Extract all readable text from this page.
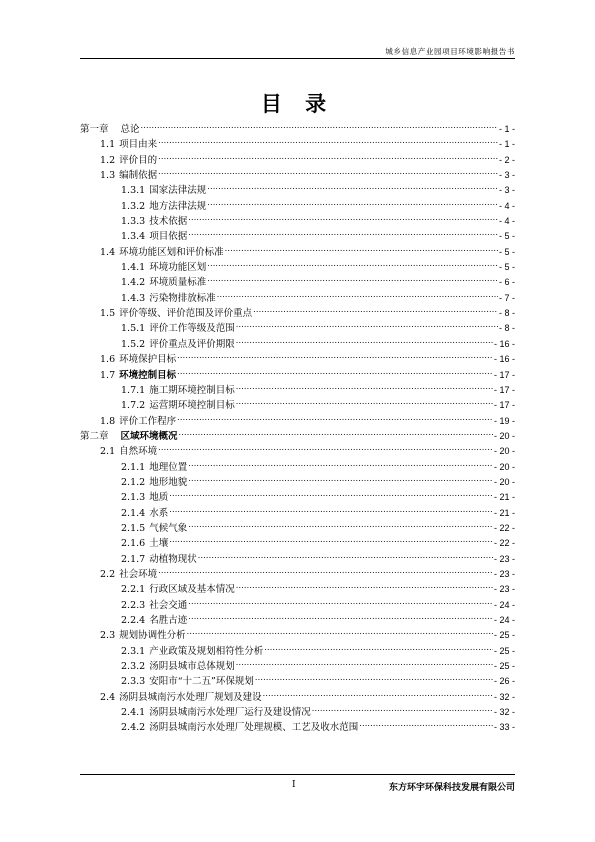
城乡信息产业园项目环境影响报告书
目 录
第一章 总论 .....	- 1 -
1.1 项目由来 .....	- 1 -
1.2 评价目的 .....	- 2 -
1.3 编制依据 .....	- 3 -
1.3.1 国家法律法规 .....	- 3 -
1.3.2 地方法律法规 .....	- 4 -
1.3.3 技术依据 .....	- 4 -
1.3.4 项目依据 .....	- 5 -
1.4 环境功能区划和评价标准 .....	- 5 -
1.4.1 环境功能区划 .....	- 5 -
1.4.2 环境质量标准 .....	- 6 -
1.4.3 污染物排放标准 .....	- 7 -
1.5 评价等级、评价范围及评价重点 .....	- 8 -
1.5.1 评价工作等级及范围 .....	- 8 -
1.5.2 评价重点及评价期限 .....	- 16 -
1.6 环境保护目标 .....	- 16 -
1.7 环境控制目标 .....	- 17 -
1.7.1 施工期环境控制目标 .....	- 17 -
1.7.2 运营期环境控制目标 .....	- 17 -
1.8 评价工作程序 .....	- 19 -
第二章 区域环境概况 .....	- 20 -
2.1 自然环境 .....	- 20 -
2.1.1 地理位置 .....	- 20 -
2.1.2 地形地貌 .....	- 20 -
2.1.3 地质 .....	- 21 -
2.1.4 水系 .....	- 21 -
2.1.5 气候气象 .....	- 22 -
2.1.6 土壤 .....	- 22 -
2.1.7 动植物现状 .....	- 23 -
2.2 社会环境 .....	- 23 -
2.2.1 行政区域及基本情况 .....	- 23 -
2.2.3 社会交通 .....	- 24 -
2.2.4 名胜古迹 .....	- 24 -
2.3 规划协调性分析 .....	- 25 -
2.3.1 产业政策及规划相符性分析 .....	- 25 -
2.3.2 汤阴县城市总体规划 .....	- 25 -
2.3.3 安阳市“十二五”环保规划 .....	- 26 -
2.4 汤阴县城南污水处理厂规划及建设 .....	- 32 -
2.4.1 汤阴县城南污水处理厂运行及建设情况 .....	- 32 -
2.4.2 汤阴县城南污水处理厂处理规模、工艺及收水范围 .....	- 33 -
I	东方环宇环保科技发展有限公司
